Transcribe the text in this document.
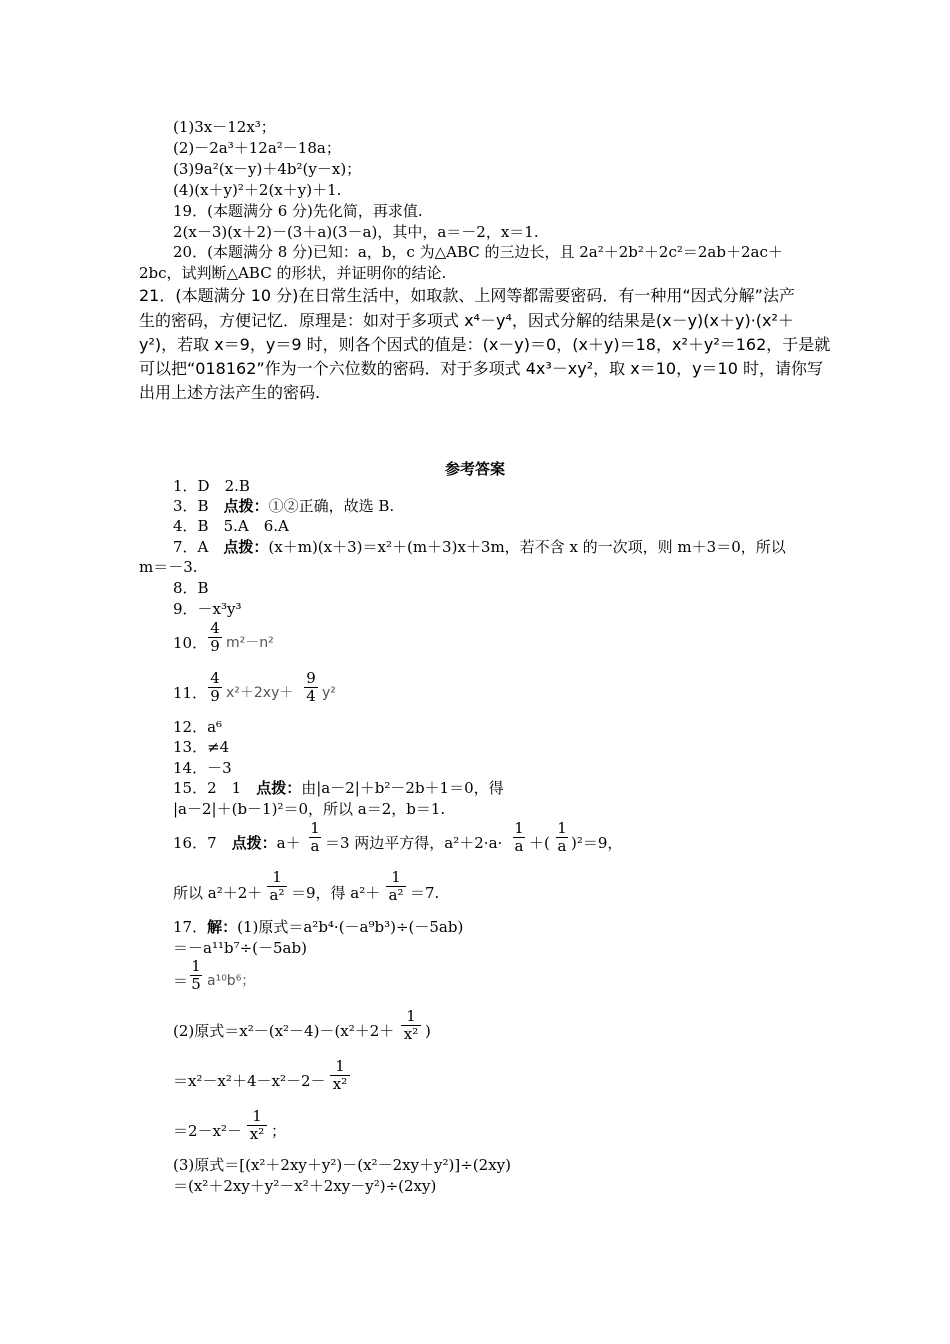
(1)3x－12x³；
(2)－2a³＋12a²－18a；
(3)9a²(x－y)＋4b²(y－x)；
(4)(x＋y)²＋2(x＋y)＋1.
19．(本题满分 6 分)先化简，再求值.
2(x－3)(x＋2)－(3＋a)(3－a)，其中，a＝－2，x＝1.
20．(本题满分 8 分)已知：a，b，c 为△ABC 的三边长，且 2a²＋2b²＋2c²＝2ab＋2ac＋
2bc，试判断△ABC 的形状，并证明你的结论.
21．(本题满分 10 分)在日常生活中，如取款、上网等都需要密码．有一种用“因式分解”法产
生的密码，方便记忆．原理是：如对于多项式 x⁴－y⁴，因式分解的结果是(x－y)(x＋y)·(x²＋
y²)，若取 x＝9，y＝9 时，则各个因式的值是：(x－y)＝0，(x＋y)＝18，x²＋y²＝162，于是就
可以把“018162”作为一个六位数的密码．对于多项式 4x³－xy²，取 x＝10，y＝10 时，请你写
出用上述方法产生的密码.
参考答案
1．D　2.B
3．B　点拨：①②正确，故选 B.
4．B　5.A　6.A
7．A　点拨：(x＋m)(x＋3)＝x²＋(m＋3)x＋3m，若不含 x 的一次项，则 m＋3＝0，所以
m＝－3.
8．B
9．－x³y³
10． $\frac{4}{9} m^2-n^2$
11． $\frac{4}{9} x^2+2xy+ \frac{9}{4} y^2$
12．a⁶
13．≠4
14．－3
15．2　1　点拨：由|a－2|＋b²－2b＋1＝0，得
|a－2|＋(b－1)²＝0，所以 a＝2，b＝1.
16．7　点拨：$a+ \frac{1}{a} =3$ 两边平方得，$a^2+2\cdot a\cdot \frac{1}{a}$ ＋( $\frac{1}{a} )^2=9$，
所以 $a^2+2+ \frac{1}{\text{a²}} =9$，得 $a^2+ \frac{1}{\text{a²}} =7$.
17．解：(1)原式＝a²b⁴·(－a⁹b³)÷(－5ab)
＝－a¹¹b⁷÷(－5ab)
＝ $\frac{1}{5} a^{10}b^6$；
(2)原式$=x^2-(x^2-4)-(x^2+2+ \frac{1}{\text{x²}}$ )
$=x^2-x^2+4-x^2-2- \frac{1}{\text{x²}}$
$=2-x^2- \frac{1}{\text{x²}}$ ；
(3)原式＝[(x²＋2xy＋y²)－(x²－2xy＋y²)]÷(2xy)
＝(x²＋2xy＋y²－x²＋2xy－y²)÷(2xy)
